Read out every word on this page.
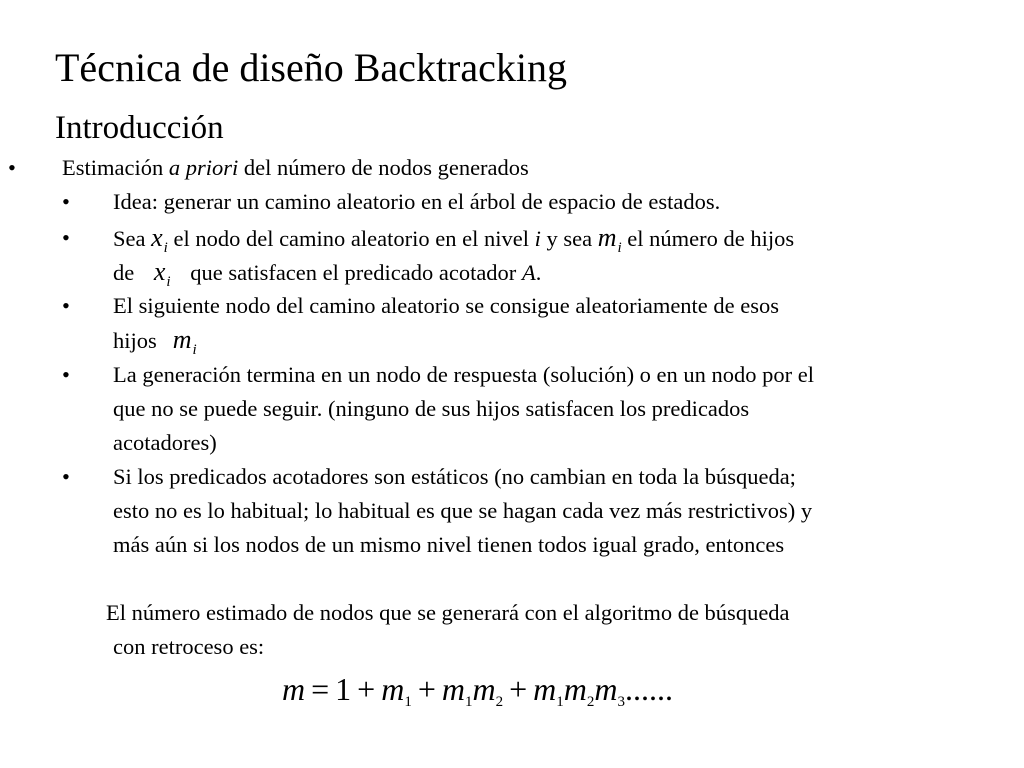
Técnica de diseño Backtracking
Introducción
• Estimación a priori del número de nodos generados
• Idea: generar un camino aleatorio en el árbol de espacio de estados.
• Sea $x_i$ el nodo del camino aleatorio en el nivel i y sea $m_i$ el número de hijos
de $x_i$ que satisfacen el predicado acotador A.
• El siguiente nodo del camino aleatorio se consigue aleatoriamente de esos
hijos $m_i$
• La generación termina en un nodo de respuesta (solución) o en un nodo por el
que no se puede seguir. (ninguno de sus hijos satisfacen los predicados
acotadores)
• Si los predicados acotadores son estáticos (no cambian en toda la búsqueda;
esto no es lo habitual; lo habitual es que se hagan cada vez más restrictivos) y
más aún si los nodos de un mismo nivel tienen todos igual grado, entonces
El número estimado de nodos que se generará con el algoritmo de búsqueda
con retroceso es:
m = 1 + m1 + m1m2 + m1m2m3......
